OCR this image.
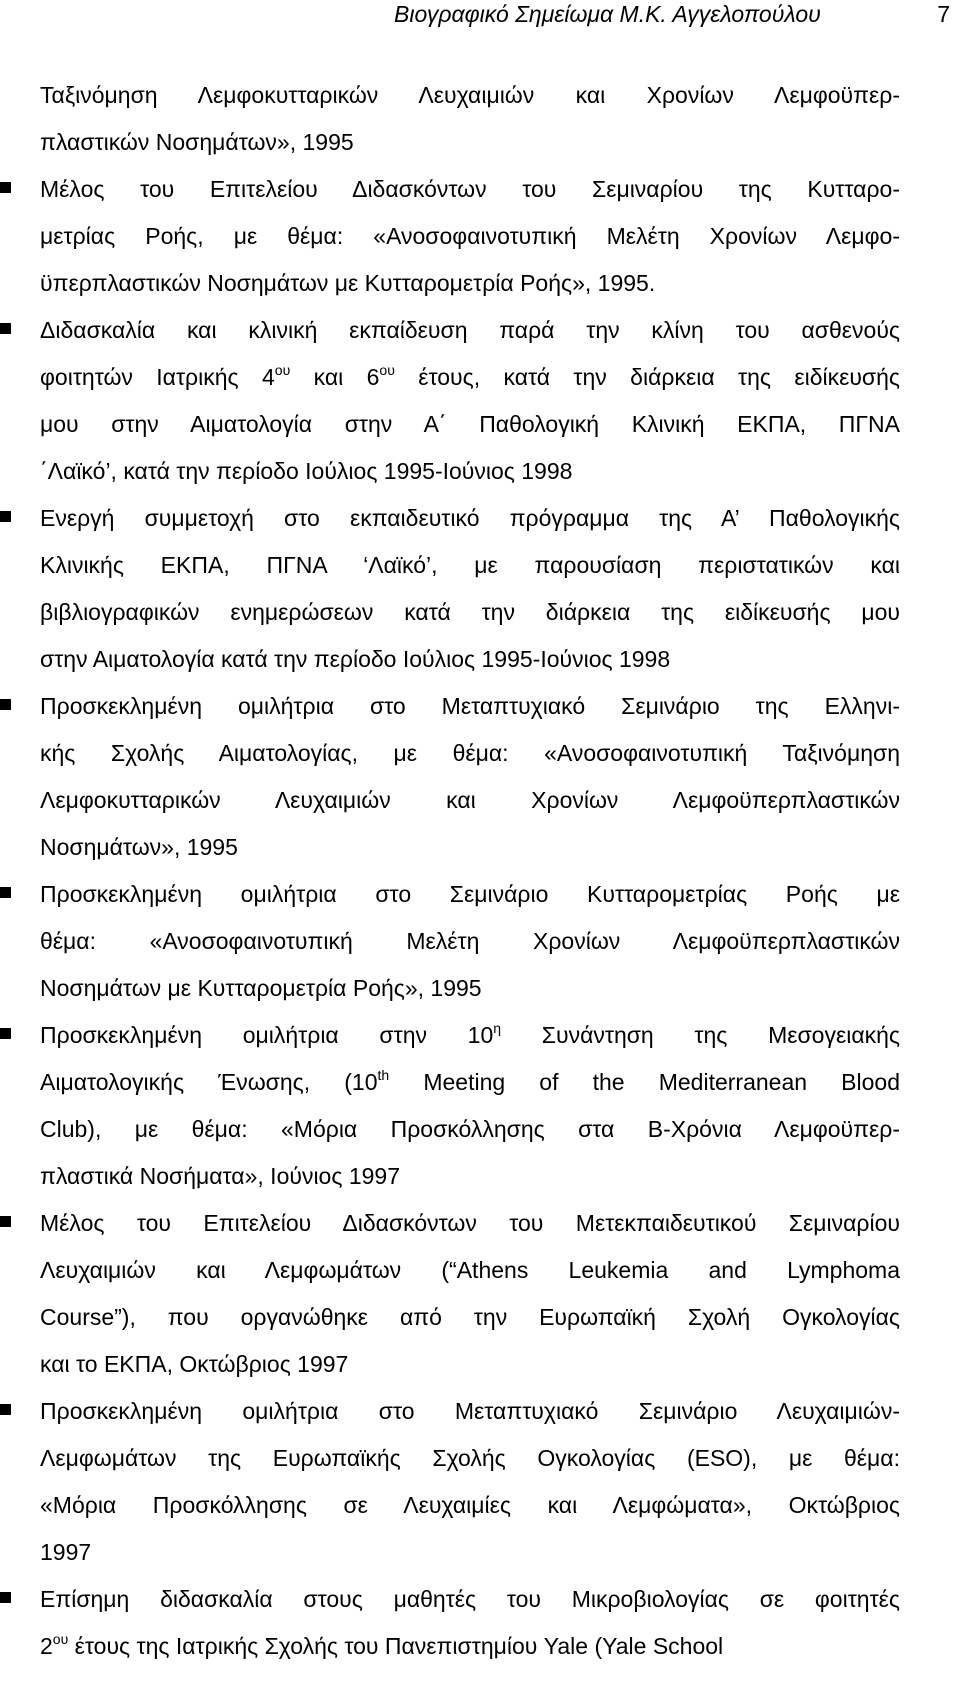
Βιογραφικό Σημείωμα Μ.Κ. Αγγελοπούλου	7
Ταξινόμηση Λεμφοκυτταρικών Λευχαιμιών και Χρονίων Λεμφοϋπερ-
πλαστικών Νοσημάτων», 1995
Μέλος του Επιτελείου Διδασκόντων του Σεμιναρίου της Κυτταρο-
μετρίας Ροής, με θέμα: «Ανοσοφαινοτυπική Μελέτη Χρονίων Λεμφο-
ϋπερπλαστικών Νοσημάτων με Κυτταρομετρία Ροής», 1995.
Διδασκαλία και κλινική εκπαίδευση παρά την κλίνη του ασθενούς
φοιτητών Ιατρικής $4^{o\upsilon}$ και $6^{o\upsilon}$ έτους, κατά την διάρκεια της ειδίκευσής
μου στην Αιματολογία στην Α΄ Παθολογική Κλινική ΕΚΠΑ, ΠΓΝΑ
΄Λαϊκό’, κατά την περίοδο Ιούλιος 1995-Ιούνιος 1998
Ενεργή συμμετοχή στο εκπαιδευτικό πρόγραμμα της Α’ Παθολογικής
Κλινικής ΕΚΠΑ, ΠΓΝΑ ‘Λαϊκό’, με παρουσίαση περιστατικών και
βιβλιογραφικών ενημερώσεων κατά την διάρκεια της ειδίκευσής μου
στην Αιματολογία κατά την περίοδο Ιούλιος 1995-Ιούνιος 1998
Προσκεκλημένη ομιλήτρια στο Μεταπτυχιακό Σεμινάριο της Ελληνι-
κής Σχολής Αιματολογίας, με θέμα: «Ανοσοφαινοτυπική Ταξινόμηση
Λεμφοκυτταρικών Λευχαιμιών και Χρονίων Λεμφοϋπερπλαστικών
Νοσημάτων», 1995
Προσκεκλημένη ομιλήτρια στο Σεμινάριο Κυτταρομετρίας Ροής με
θέμα: «Ανοσοφαινοτυπική Μελέτη Χρονίων Λεμφοϋπερπλαστικών
Νοσημάτων με Κυτταρομετρία Ροής», 1995
Προσκεκλημένη ομιλήτρια στην $10^\eta$ Συνάντηση της Μεσογειακής
Αιματολογικής Ένωσης, (10th Meeting of the Mediterranean Blood
Club), με θέμα: «Μόρια Προσκόλλησης στα Β-Χρόνια Λεμφοϋπερ-
πλαστικά Νοσήματα», Ιούνιος 1997
Μέλος του Επιτελείου Διδασκόντων του Μετεκπαιδευτικού Σεμιναρίου
Λευχαιμιών και Λεμφωμάτων (“Athens Leukemia and Lymphoma
Course”), που οργανώθηκε από την Ευρωπαϊκή Σχολή Ογκολογίας
και το ΕΚΠΑ, Οκτώβριος 1997
Προσκεκλημένη ομιλήτρια στο Μεταπτυχιακό Σεμινάριο Λευχαιμιών-
Λεμφωμάτων της Ευρωπαϊκής Σχολής Ογκολογίας (ESO), με θέμα:
«Μόρια Προσκόλλησης σε Λευχαιμίες και Λεμφώματα», Οκτώβριος
1997
Επίσημη διδασκαλία στους μαθητές του Μικροβιολογίας σε φοιτητές
$2^{o\upsilon}$ έτους της Ιατρικής Σχολής του Πανεπιστημίου Yale (Yale School
